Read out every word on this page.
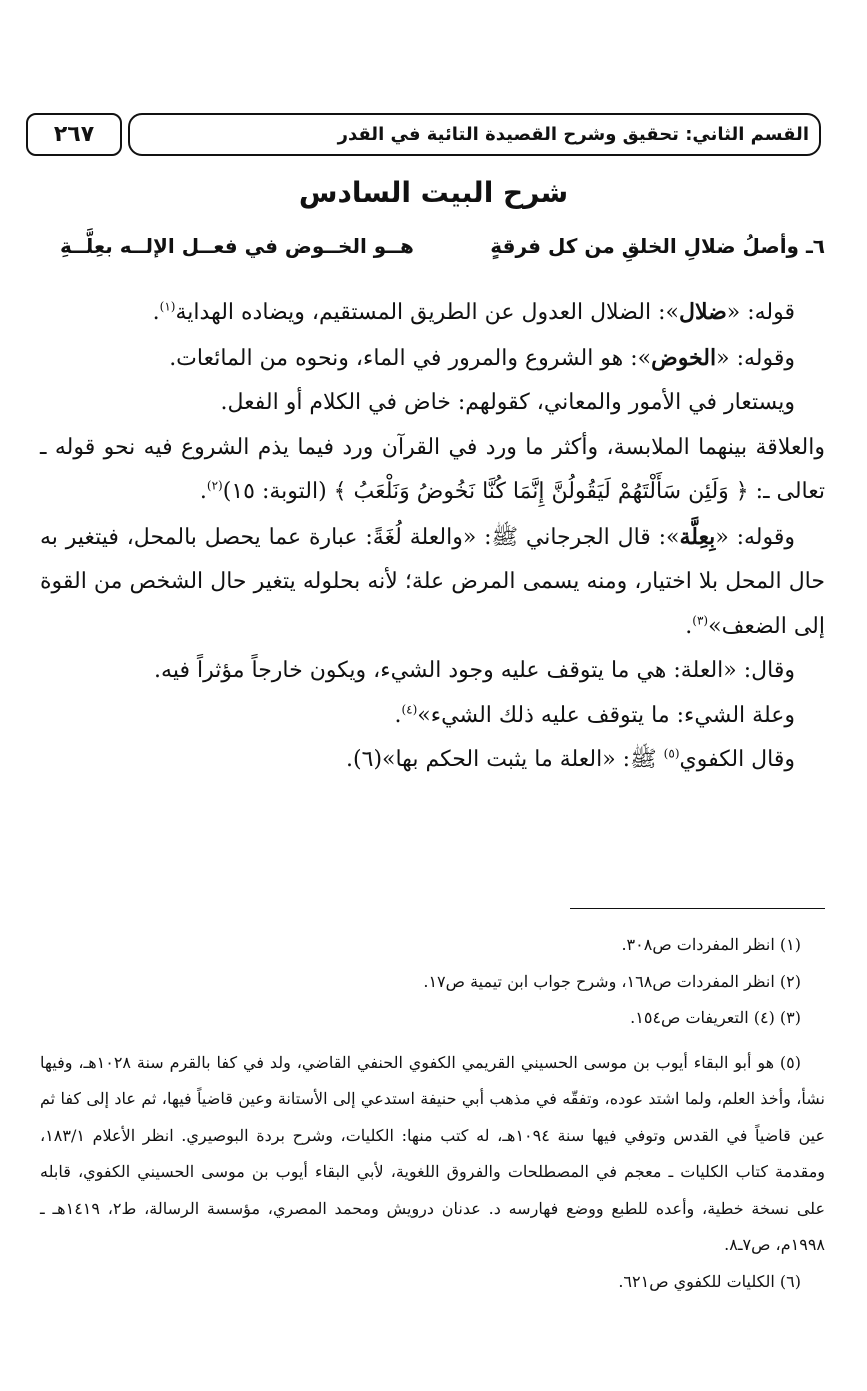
القسم الثاني: تحقيق وشرح القصيدة التائية في القدر
٢٦٧
شرح البيت السادس
٦ـ وأصلُ ضلالِ الخلقِ من كل فرقةٍ
هــو الخــوض في فعــل الإلــه بعِلَّــةِ

قوله: «ضلال»: الضلال العدول عن الطريق المستقيم، ويضاده الهداية$^{(١)}$.

وقوله: «الخوض»: هو الشروع والمرور في الماء، ونحوه من المائعات.

ويستعار في الأمور والمعاني، كقولهم: خاض في الكلام أو الفعل.

والعلاقة بينهما الملابسة، وأكثر ما ورد في القرآن ورد فيما يذم الشروع فيه نحو قوله ـ تعالى ـ: ﴿ وَلَئِن سَأَلْتَهُمْ لَيَقُولُنَّ إِنَّمَا كُنَّا نَخُوضُ وَنَلْعَبُ ﴾ (التوبة: ١٥)$^{(٢)}$.

وقوله: «بِعِلَّة»: قال الجرجاني ﷺ: «والعلة لُغَةً: عبارة عما يحصل بالمحل، فيتغير به حال المحل بلا اختيار، ومنه يسمى المرض علة؛ لأنه بحلوله يتغير حال الشخص من القوة إلى الضعف»$^{(٣)}$.

وقال: «العلة: هي ما يتوقف عليه وجود الشيء، ويكون خارجاً مؤثراً فيه.

وعلة الشيء: ما يتوقف عليه ذلك الشيء»$^{(٤)}$.

وقال الكفوي$^{(٥)}$ ﷺ: «العلة ما يثبت الحكم بها»(٦).

(١) انظر المفردات ص٣٠٨.

(٢) انظر المفردات ص١٦٨، وشرح جواب ابن تيمية ص١٧.

(٣) (٤) التعريفات ص١٥٤.

(٥) هو أبو البقاء أيوب بن موسى الحسيني القريمي الكفوي الحنفي القاضي، ولد في كفا بالقرم سنة ١٠٢٨هـ، وفيها نشأ، وأخذ العلم، ولما اشتد عوده، وتفقّه في مذهب أبي حنيفة استدعي إلى الأستانة وعين قاضياً فيها، ثم عاد إلى كفا ثم عين قاضياً في القدس وتوفي فيها سنة ١٠٩٤هـ، له كتب منها: الكليات، وشرح بردة البوصيري. انظر الأعلام ١٨٣/١، ومقدمة كتاب الكليات ـ معجم في المصطلحات والفروق اللغوية، لأبي البقاء أيوب بن موسى الحسيني الكفوي، قابله على نسخة خطية، وأعده للطبع ووضع فهارسه د. عدنان درويش ومحمد المصري، مؤسسة الرسالة، ط٢، ١٤١٩هـ ـ ١٩٩٨م، ص٧ـ٨.

(٦) الكليات للكفوي ص٦٢١.
